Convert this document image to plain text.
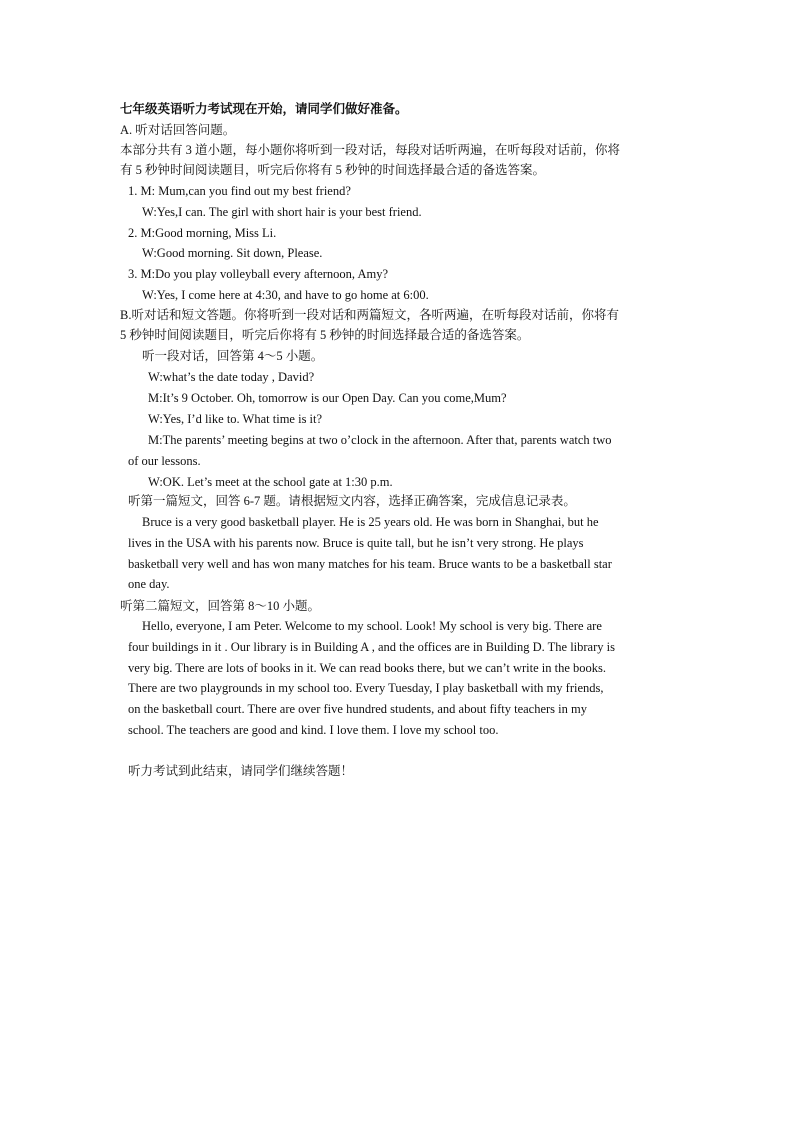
七年级英语听力考试现在开始，请同学们做好准备。
A. 听对话回答问题。
本部分共有 3 道小题，每小题你将听到一段对话，每段对话听两遍，在听每段对话前，你将
有 5 秒钟时间阅读题目，听完后你将有 5 秒钟的时间选择最合适的备选答案。
1. M: Mum,can you find out my best friend?
W:Yes,I can. The girl with short hair is your best friend.
2. M:Good morning, Miss Li.
W:Good morning. Sit down, Please.
3. M:Do you play volleyball every afternoon, Amy?
W:Yes, I come here at 4:30, and have to go home at 6:00.
B.听对话和短文答题。你将听到一段对话和两篇短文，各听两遍，在听每段对话前，你将有
5 秒钟时间阅读题目，听完后你将有 5 秒钟的时间选择最合适的备选答案。
听一段对话，回答第 4～5 小题。
W:what’s the date today , David?
M:It’s 9 October. Oh, tomorrow is our Open Day. Can you come,Mum?
W:Yes, I’d like to. What time is it?
M:The parents’ meeting begins at two o’clock in the afternoon. After that, parents watch two
of our lessons.
W:OK. Let’s meet at the school gate at 1:30 p.m.
听第一篇短文，回答 6-7 题。请根据短文内容，选择正确答案，完成信息记录表。
Bruce is a very good basketball player. He is 25 years old. He was born in Shanghai, but he
lives in the USA with his parents now. Bruce is quite tall, but he isn’t very strong. He plays
basketball very well and has won many matches for his team. Bruce wants to be a basketball star
one day.
听第二篇短文，回答第 8～10 小题。
Hello, everyone, I am Peter. Welcome to my school. Look! My school is very big. There are
four buildings in it . Our library is in Building A , and the offices are in Building D. The library is
very big. There are lots of books in it. We can read books there, but we can’t write in the books.
There are two playgrounds in my school too. Every Tuesday, I play basketball with my friends,
on the basketball court. There are over five hundred students, and about fifty teachers in my
school. The teachers are good and kind. I love them. I love my school too.
听力考试到此结束，请同学们继续答题！
